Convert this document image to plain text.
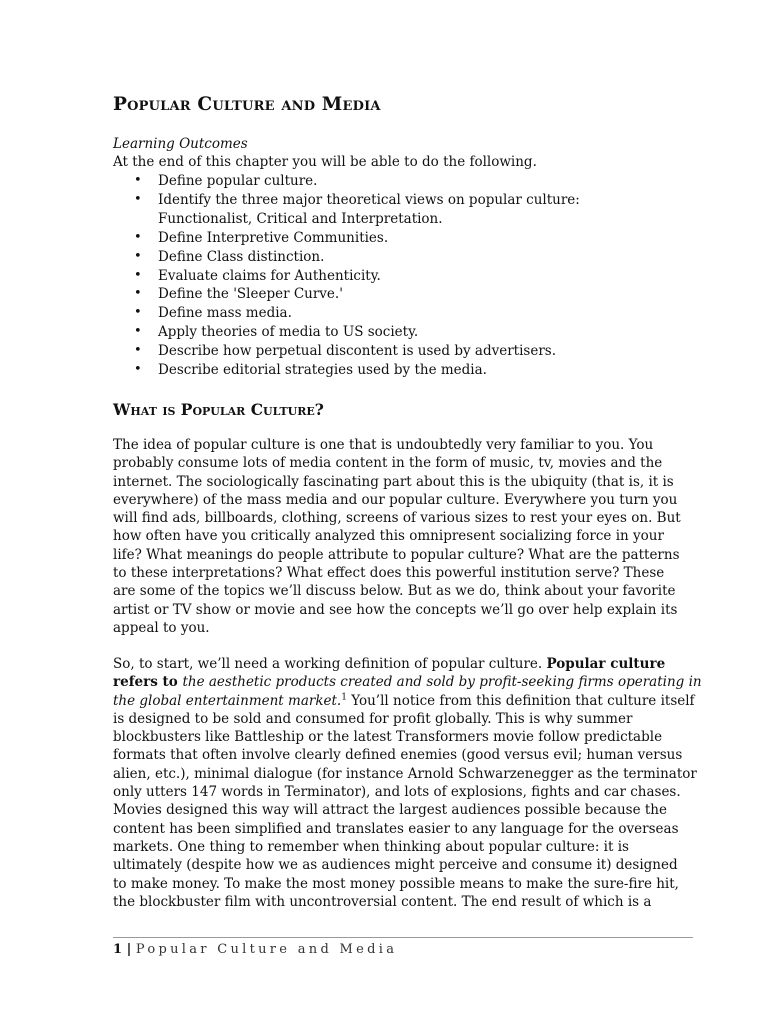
Popular Culture and Media

Learning Outcomes

At the end of this chapter you will be able to do the following.

• Define popular culture.
• Identify the three major theoretical views on popular culture: Functionalist, Critical and Interpretation.
• Define Interpretive Communities.
• Define Class distinction.
• Evaluate claims for Authenticity.
• Define the 'Sleeper Curve.'
• Define mass media.
• Apply theories of media to US society.
• Describe how perpetual discontent is used by advertisers.
• Describe editorial strategies used by the media.
What is Popular Culture?
The idea of popular culture is one that is undoubtedly very familiar to you. You
probably consume lots of media content in the form of music, tv, movies and the
internet. The sociologically fascinating part about this is the ubiquity (that is, it is
everywhere) of the mass media and our popular culture. Everywhere you turn you
will find ads, billboards, clothing, screens of various sizes to rest your eyes on. But
how often have you critically analyzed this omnipresent socializing force in your
life? What meanings do people attribute to popular culture? What are the patterns
to these interpretations? What effect does this powerful institution serve? These
are some of the topics we’ll discuss below. But as we do, think about your favorite
artist or TV show or movie and see how the concepts we’ll go over help explain its
appeal to you.
So, to start, we’ll need a working definition of popular culture. Popular culture
refers to the aesthetic products created and sold by profit-seeking firms operating in
the global entertainment market.$^1$ You’ll notice from this definition that culture itself
is designed to be sold and consumed for profit globally. This is why summer
blockbusters like Battleship or the latest Transformers movie follow predictable
formats that often involve clearly defined enemies (good versus evil; human versus
alien, etc.), minimal dialogue (for instance Arnold Schwarzenegger as the terminator
only utters 147 words in Terminator), and lots of explosions, fights and car chases.
Movies designed this way will attract the largest audiences possible because the
content has been simplified and translates easier to any language for the overseas
markets. One thing to remember when thinking about popular culture: it is
ultimately (despite how we as audiences might perceive and consume it) designed
to make money. To make the most money possible means to make the sure-fire hit,
the blockbuster film with uncontroversial content. The end result of which is a
1 | Popular Culture and Media
